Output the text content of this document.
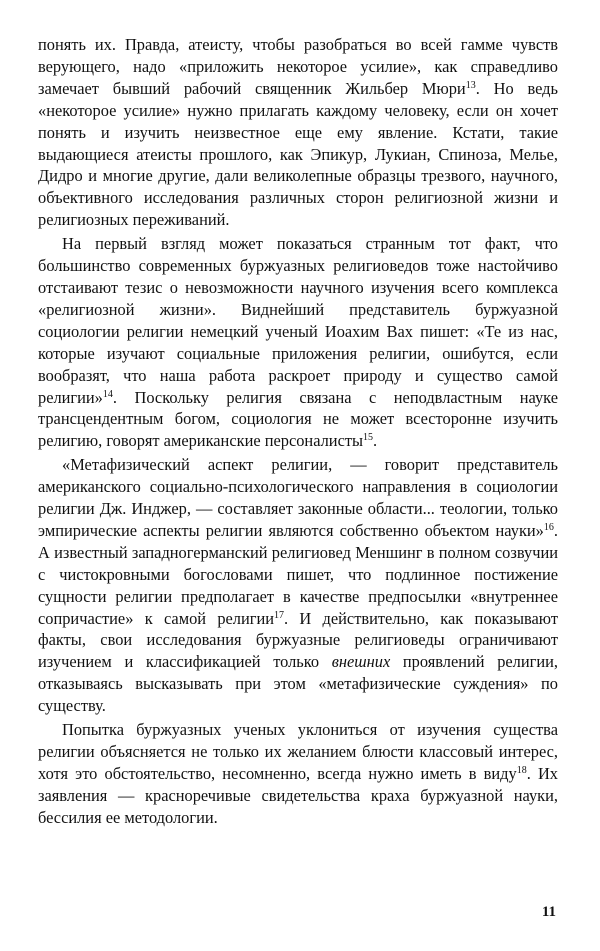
понять их. Правда, атеисту, чтобы разобраться во всей гамме чувств верующего, надо «приложить некоторое усилие», как справедливо замечает бывший рабочий священник Жильбер Мюри$^{13}$. Но ведь «некоторое усилие» нужно прилагать каждому человеку, если он хочет понять и изучить неизвестное еще ему явление. Кстати, такие выдающиеся атеисты прошлого, как Эпикур, Лукиан, Спиноза, Мелье, Дидро и многие другие, дали великолепные образцы трезвого, научного, объективного исследования различных сторон религиозной жизни и религиозных переживаний.

На первый взгляд может показаться странным тот факт, что большинство современных буржуазных религиоведов тоже настойчиво отстаивают тезис о невозможности научного изучения всего комплекса «религиозной жизни». Виднейший представитель буржуазной социологии религии немецкий ученый Иоахим Вах пишет: «Те из нас, которые изучают социальные приложения религии, ошибутся, если вообразят, что наша работа раскроет природу и существо самой религии»$^{14}$. Поскольку религия связана с неподвластным науке трансцендентным богом, социология не может всесторонне изучить религию, говорят американские персоналисты$^{15}$.

«Метафизический аспект религии, — говорит представитель американского социально-психологического направления в социологии религии Дж. Инджер, — составляет законные области... теологии, только эмпирические аспекты религии являются собственно объектом науки»$^{16}$. А известный западногерманский религиовед Меншинг в полном созвучии с чистокровными богословами пишет, что подлинное постижение сущности религии предполагает в качестве предпосылки «внутреннее сопричастие» к самой религии$^{17}$. И действительно, как показывают факты, свои исследования буржуазные религиоведы ограничивают изучением и классификацией только внешних проявлений религии, отказываясь высказывать при этом «метафизические суждения» по существу.

Попытка буржуазных ученых уклониться от изучения существа религии объясняется не только их желанием блюсти классовый интерес, хотя это обстоятельство, несомненно, всегда нужно иметь в виду$^{18}$. Их заявления — красноречивые свидетельства краха буржуазной науки, бессилия ее методологии.

11
